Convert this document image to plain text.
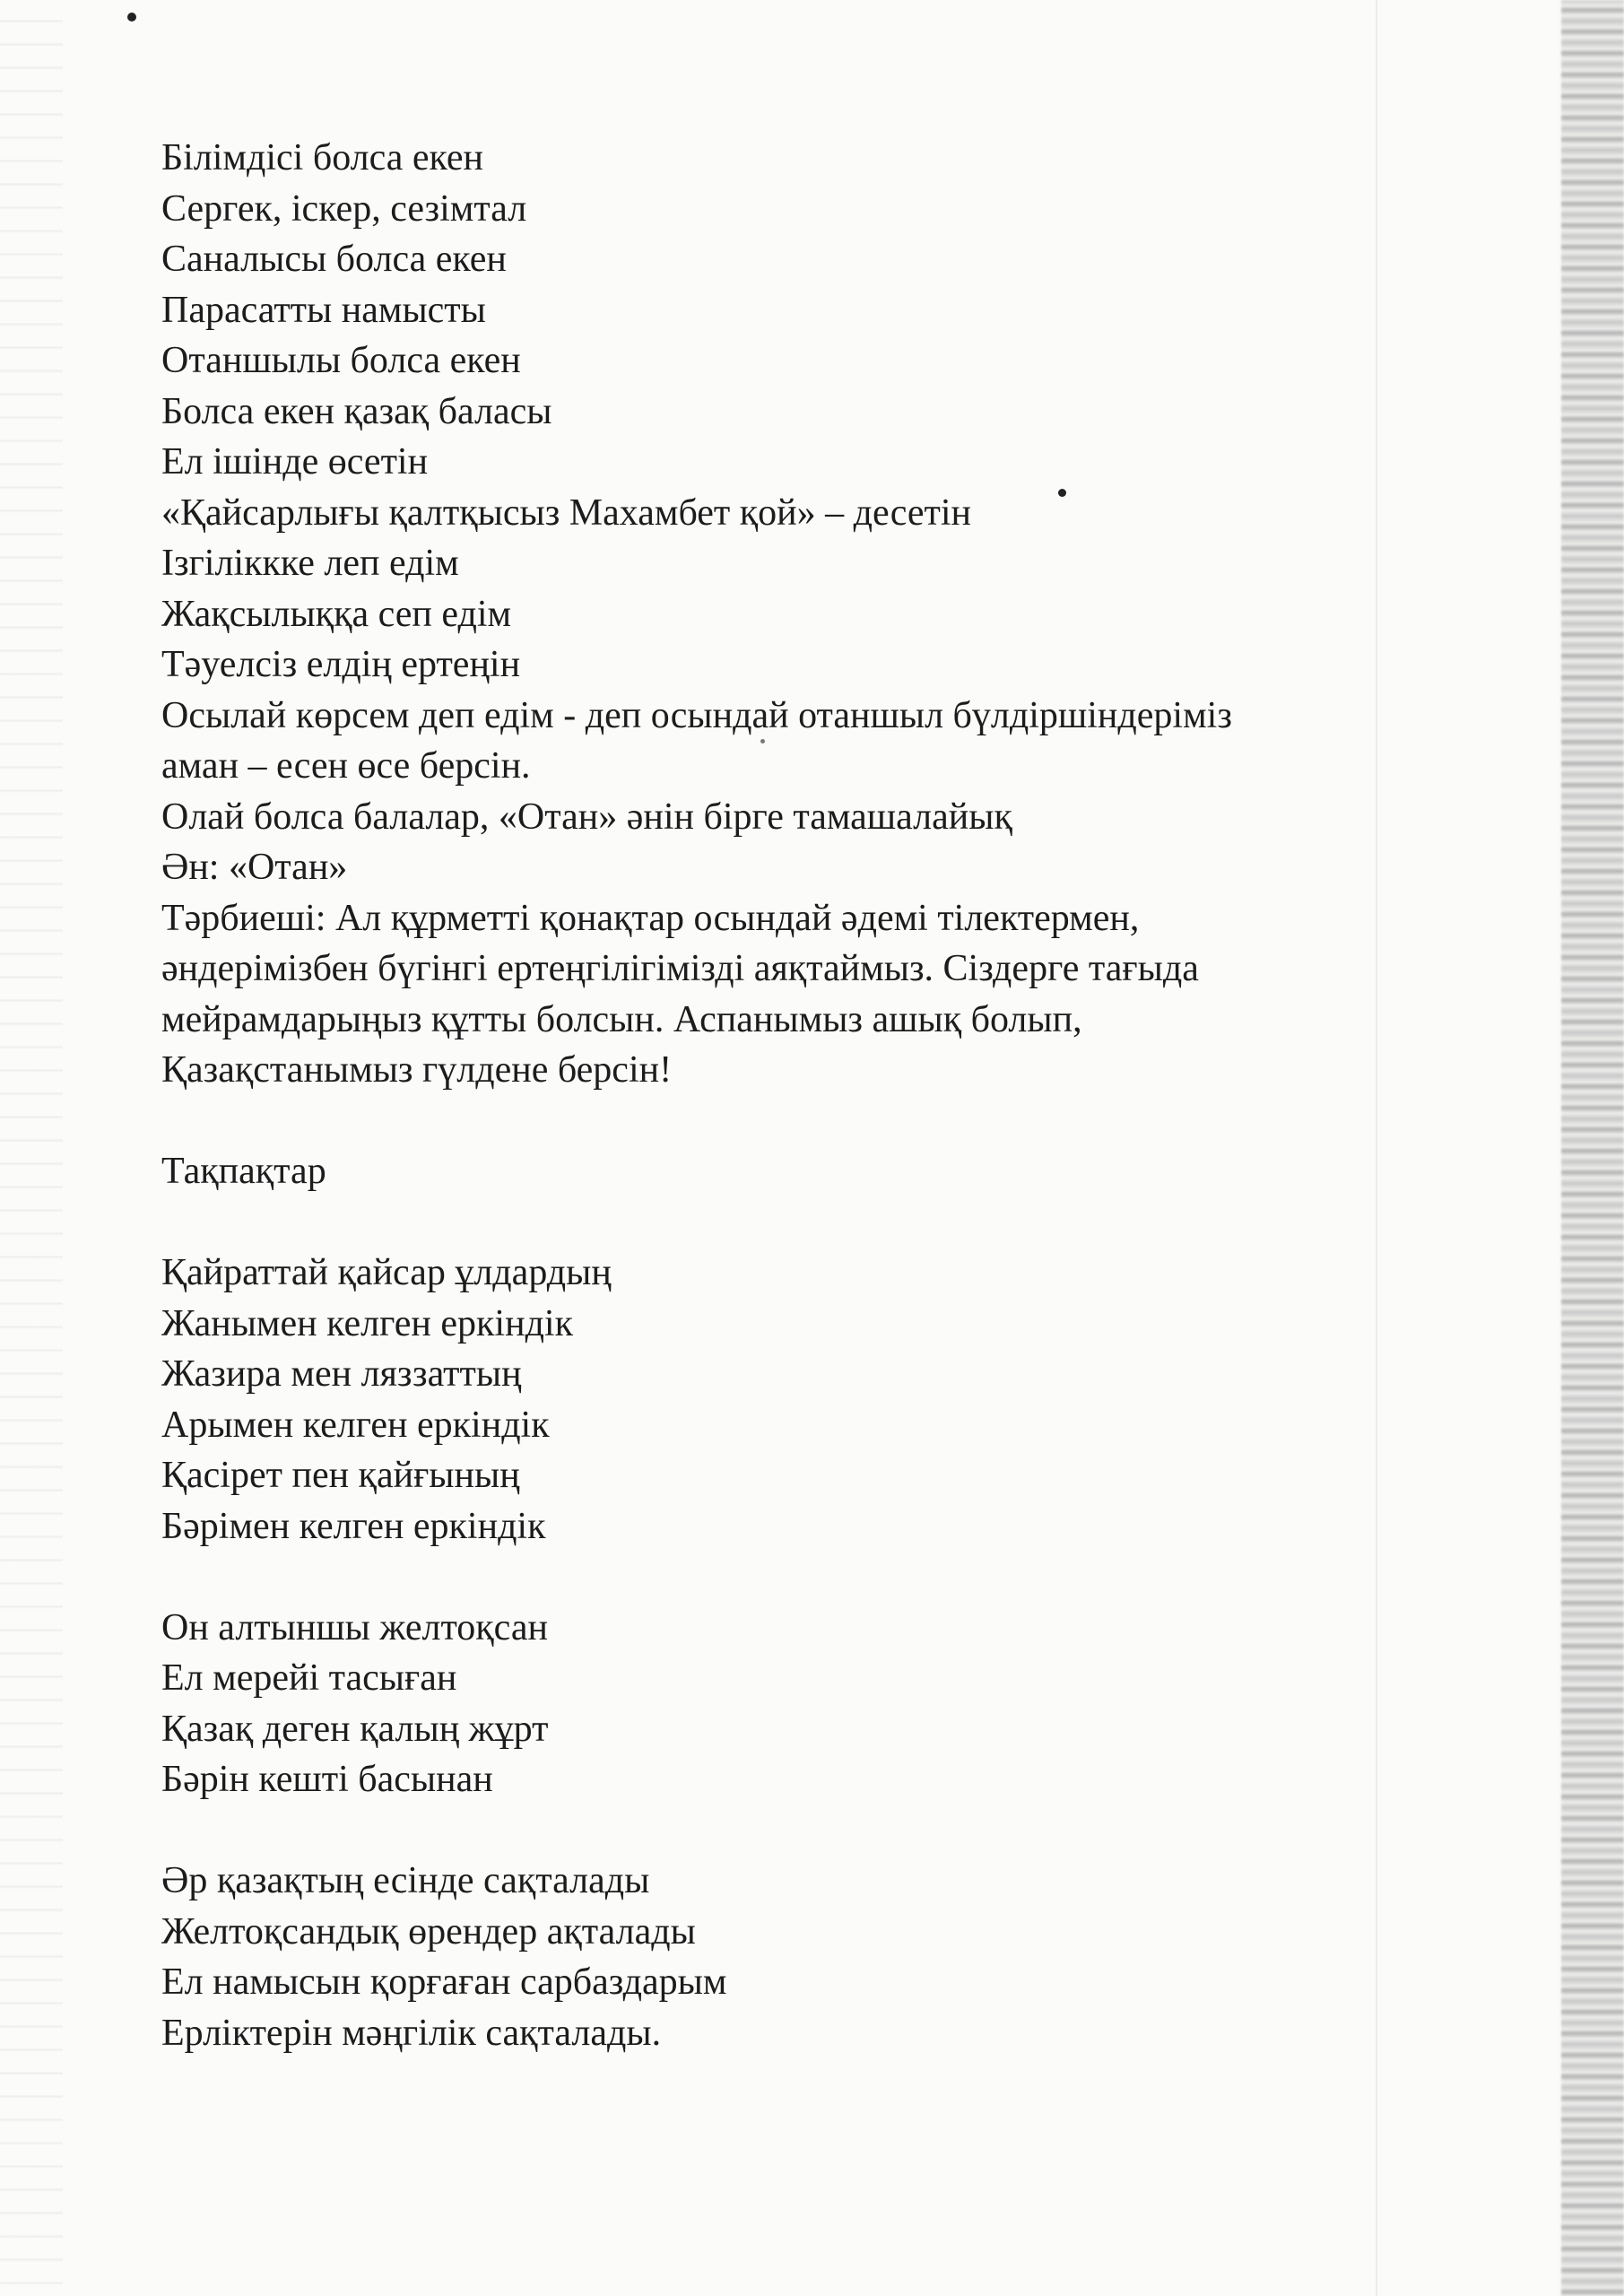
Білімдісі болса екен
Сергек, іскер, сезімтал
Саналысы болса екен
Парасатты намысты
Отаншылы болса екен
Болса екен қазақ баласы
Ел ішінде өсетін
«Қайсарлығы қалтқысыз Махамбет қой» – десетін
Ізгіліккке леп едім
Жақсылыққа сеп едім
Тәуелсіз елдің ертеңін
Осылай көрсем деп едім - деп осындай отаншыл бүлдіршіндеріміз
аман – есен өсе берсін.
Олай болса балалар, «Отан» әнін бірге тамашалайық
Ән: «Отан»
Тәрбиеші: Ал құрметті қонақтар осындай әдемі тілектермен,
әндерімізбен бүгінгі ертеңгілігімізді аяқтаймыз. Сіздерге тағыда
мейрамдарыңыз құтты болсын. Аспанымыз ашық болып,
Қазақстанымыз гүлдене берсін!
Тақпақтар
Қайраттай қайсар ұлдардың
Жанымен келген еркіндік
Жазира мен ляззаттың
Арымен келген еркіндік
Қасірет пен қайғының
Бәрімен келген еркіндік
Он алтыншы желтоқсан
Ел мерейі тасыған
Қазақ деген қалың жұрт
Бәрін кешті басынан
Әр қазақтың есінде сақталады
Желтоқсандық өрендер ақталады
Ел намысын қорғаған сарбаздарым
Ерліктерін мәңгілік сақталады.
